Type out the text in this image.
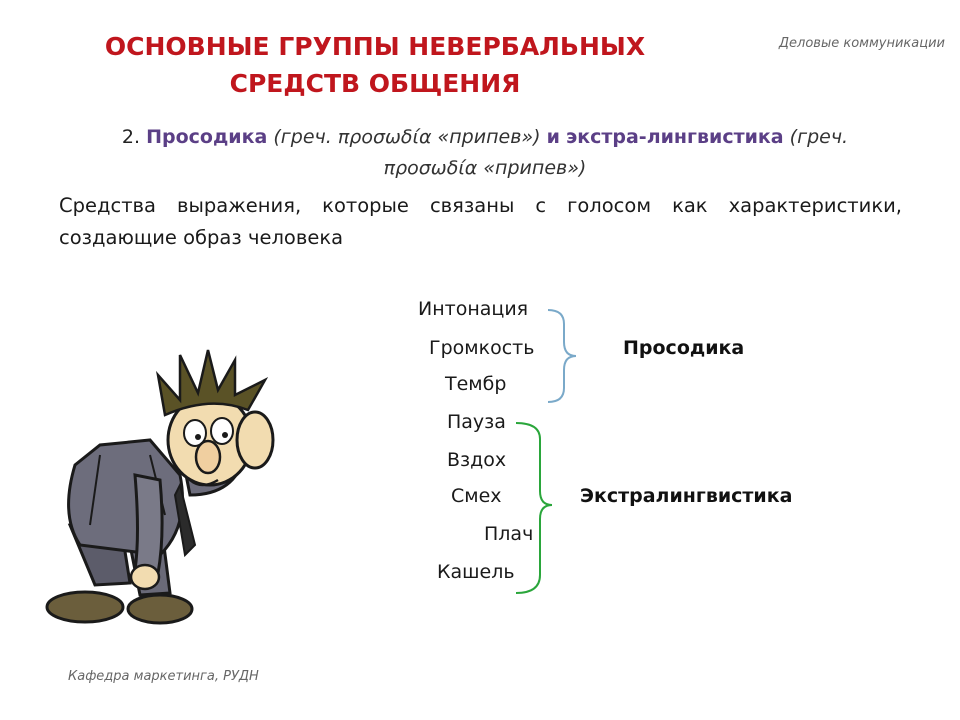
ОСНОВНЫЕ ГРУППЫ НЕВЕРБАЛЬНЫХ
СРЕДСТВ ОБЩЕНИЯ
Деловые коммуникации
2. Просодика (греч. προσωδία «припев») и экстра-лингвистика (греч.
προσωδία «припев»)
Средства выражения, которые связаны с голосом как характеристики, создающие образ человека
Интонация
Громкость
Тембр
Пауза
Вздох
Смех
Плач
Кашель
Просодика
Экстралингвистика
Кафедра маркетинга, РУДН
